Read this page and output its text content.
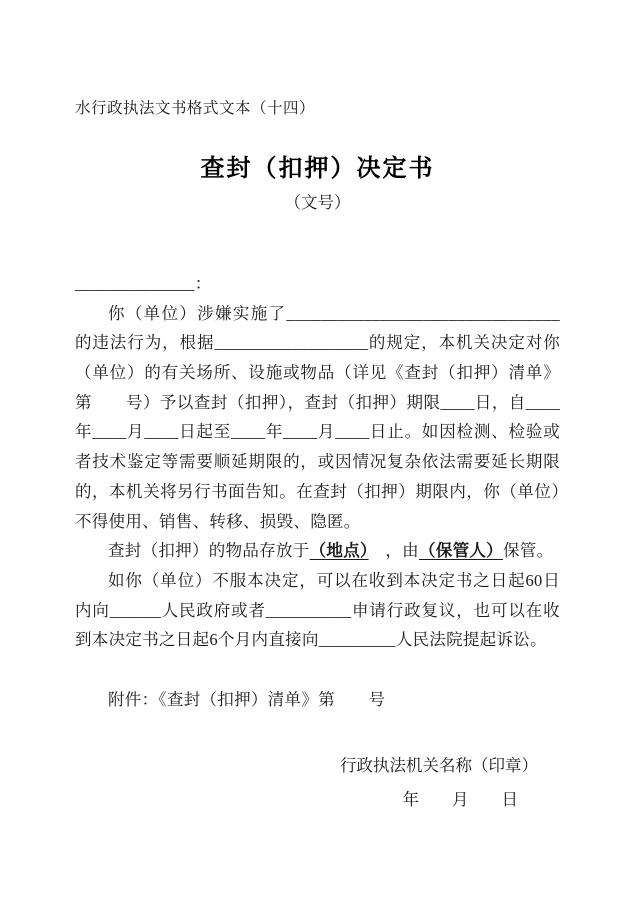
水行政执法文书格式文本（十四）

查封（扣押）决定书

（文号）

______________：

你（单位）涉嫌实施了________________________________的违法行为，根据__________________的规定，本机关决定对你（单位）的有关场所、设施或物品（详见《查封（扣押）清单》第　　号）予以查封（扣押），查封（扣押）期限____日，自____年____月____日起至____年____月____日止。如因检测、检验或者技术鉴定等需要顺延期限的，或因情况复杂依法需要延长期限的，本机关将另行书面告知。在查封（扣押）期限内，你（单位）不得使用、销售、转移、损毁、隐匿。

查封（扣押）的物品存放于（地点）　，由（保管人）保管。

如你（单位）不服本决定，可以在收到本决定书之日起60日内向______人民政府或者__________申请行政复议，也可以在收到本决定书之日起6个月内直接向_________人民法院提起诉讼。

附件：《查封（扣押）清单》第　　号

行政执法机关名称（印章）

年　　月　　日
